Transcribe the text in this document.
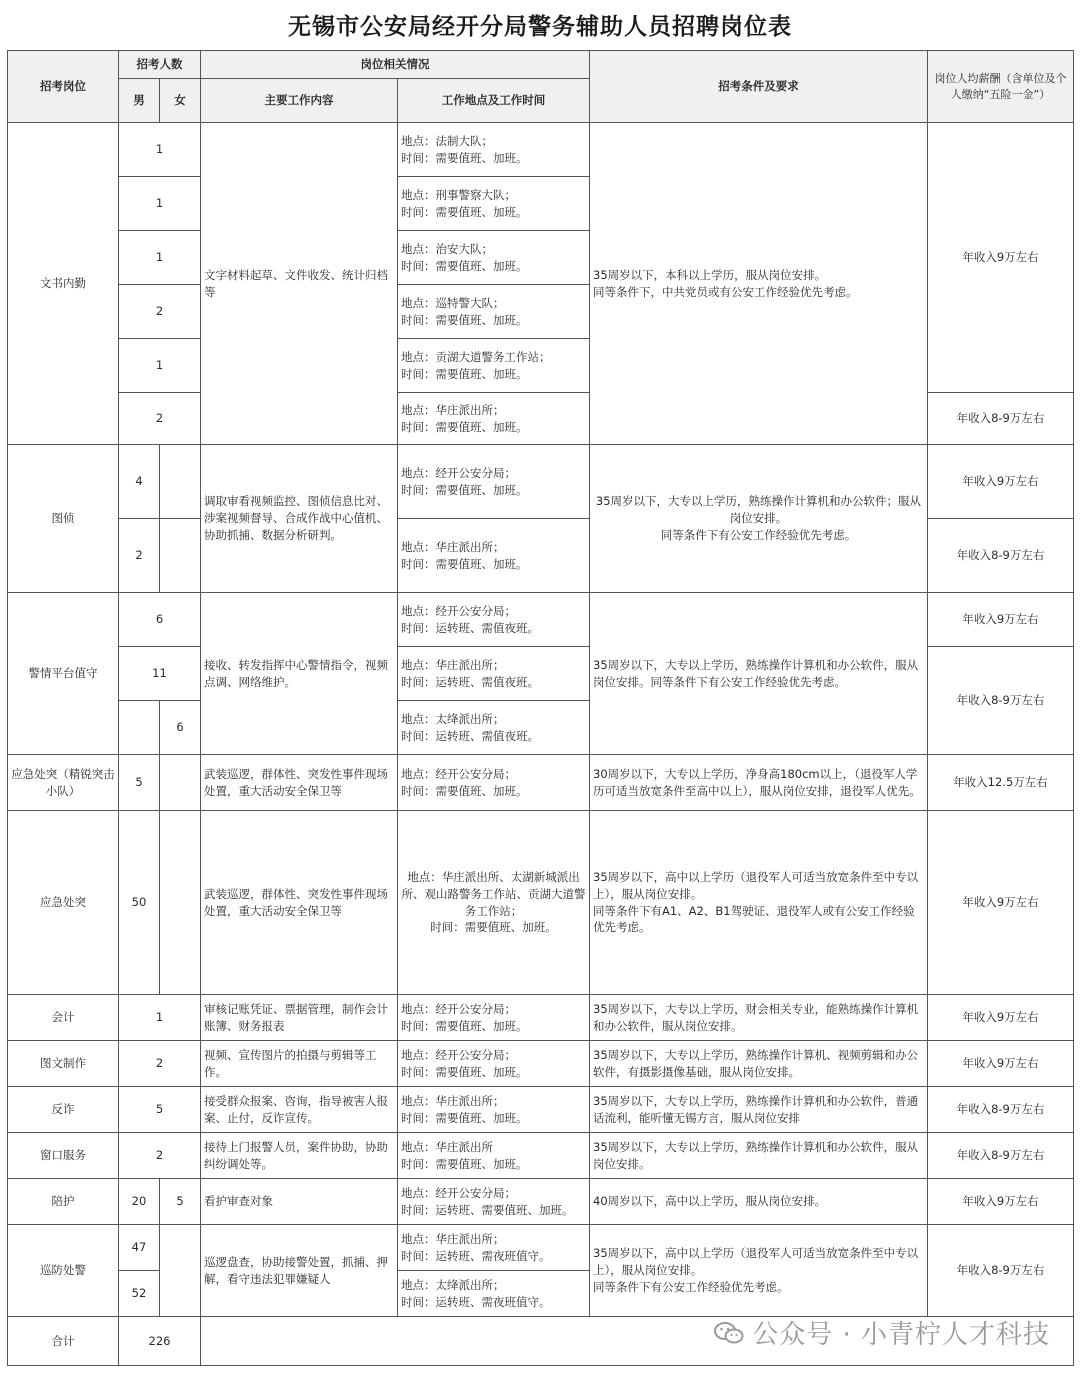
无锡市公安局经开分局警务辅助人员招聘岗位表
招考岗位	招考人数		岗位相关情况		招考条件及要求	岗位人均薪酬（含单位及个人缴纳“五险一金”）
	男	女	主要工作内容	工作地点及工作时间		
文书内勤	1		文字材料起草、文件收发、统计归档等	地点：法制大队；
时间：需要值班、加班。	35周岁以下，本科以上学历，服从岗位安排。
同等条件下，中共党员或有公安工作经验优先考虑。	年收入9万左右
	1			地点：刑事警察大队；
时间：需要值班、加班。		
	1			地点：治安大队；
时间：需要值班、加班。		
	2			地点：巡特警大队；
时间：需要值班、加班。		
	1			地点：贡湖大道警务工作站；
时间：需要值班、加班。		
	2			地点：华庄派出所；
时间：需要值班、加班。		年收入8-9万左右
图侦	4		调取审看视频监控、图侦信息比对、涉案视频督导、合成作战中心值机、协助抓捕、数据分析研判。	地点：经开公安分局；
时间：需要值班、加班。	35周岁以下，大专以上学历，熟练操作计算机和办公软件；服从岗位安排。
同等条件下有公安工作经验优先考虑。	年收入9万左右
	2			地点：华庄派出所；
时间：需要值班、加班。		年收入8-9万左右
警情平台值守	6		接收、转发指挥中心警情指令，视频点调、网络维护。	地点：经开公安分局；
时间：运转班、需值夜班。	35周岁以下，大专以上学历，熟练操作计算机和办公软件，服从岗位安排。同等条件下有公安工作经验优先考虑。	年收入9万左右
	11			地点：华庄派出所；
时间：运转班、需值夜班。		年收入8-9万左右
		6		地点：太绛派出所；
时间：运转班、需值夜班。		
应急处突（精锐突击小队）	5		武装巡逻，群体性、突发性事件现场处置，重大活动安全保卫等	地点：经开公安分局；
时间：需要值班、加班。	30周岁以下，大专以上学历，净身高180cm以上，（退役军人学历可适当放宽条件至高中以上），服从岗位安排，退役军人优先。	年收入12.5万左右
应急处突	50		武装巡逻，群体性、突发性事件现场处置，重大活动安全保卫等	地点：华庄派出所、太湖新城派出所、观山路警务工作站、贡湖大道警务工作站；
时间：需要值班、加班。	35周岁以下，高中以上学历（退役军人可适当放宽条件至中专以上），服从岗位安排。
同等条件下有A1、A2、B1驾驶证、退役军人或有公安工作经验优先考虑。	年收入9万左右
会计	1		审核记账凭证、票据管理，制作会计账簿、财务报表	地点：经开公安分局；
时间：需要值班、加班。	35周岁以下，大专以上学历，财会相关专业，能熟练操作计算机和办公软件，服从岗位安排。	年收入9万左右
图文制作	2		视频、宣传图片的拍摄与剪辑等工作。	地点：经开公安分局；
时间：需要值班、加班。	35周岁以下，大专以上学历，熟练操作计算机、视频剪辑和办公软件，有摄影摄像基础，服从岗位安排。	年收入9万左右
反诈	5		接受群众报案、咨询，指导被害人报案、止付，反诈宣传。	地点：华庄派出所；
时间：需要值班、加班。	35周岁以下，大专以上学历，熟练操作计算机和办公软件，普通话流利，能听懂无锡方言，服从岗位安排	年收入8-9万左右
窗口服务	2		接待上门报警人员，案件协助，协助纠纷调处等。	地点：华庄派出所
时间：需要值班、加班。	35周岁以下，大专以上学历，熟练操作计算机和办公软件，服从岗位安排。	年收入8-9万左右
陪护	20	5	看护审查对象	地点：经开公安分局；
时间：运转班、需要值班、加班。	40周岁以下，高中以上学历，服从岗位安排。	年收入9万左右
巡防处警	47		巡逻盘查，协助接警处置，抓捕、押解，看守违法犯罪嫌疑人	地点：华庄派出所；
时间：运转班、需夜班值守。	35周岁以下，高中以上学历（退役军人可适当放宽条件至中专以上），服从岗位安排。
同等条件下有公安工作经验优先考虑。	年收入8-9万左右
	52			地点：太绛派出所；
时间：运转班、需夜班值守。		
合计	226						公众号 · 小青柠人才科技
